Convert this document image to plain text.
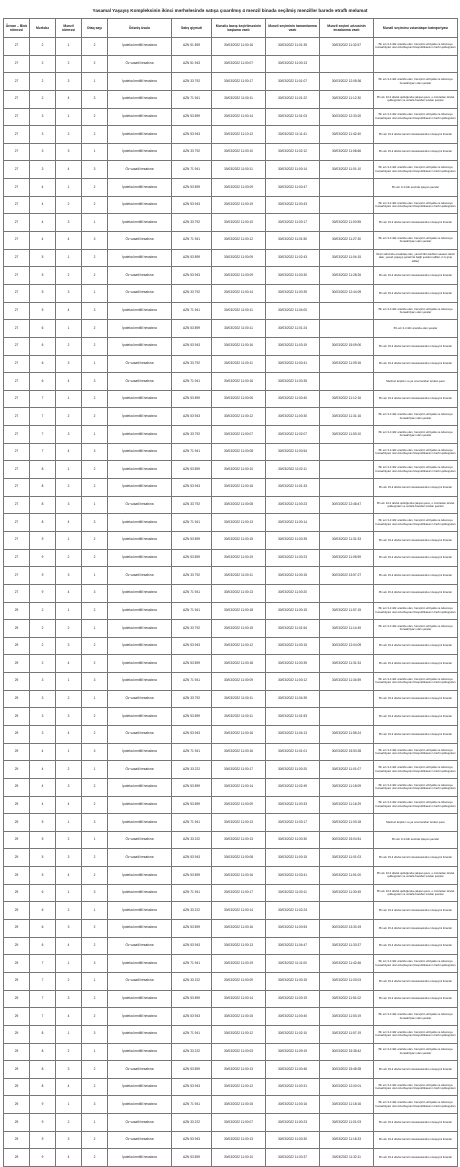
Yasamal Yaşayış Kompleksinin ikinci mərhələsində satışa çıxarılmış 4 mənzil binada seçilmiş mənzillər barədə ətraflı məlumat
Ünvan – Blok nömrəsi	Mərtəbə	Mənzil nömrəsi	Otaq sayı	Ödəniş üsulu	Satış qiyməti	Mənzilə baxış keçirilməsinin başlama vaxtı	Mənzil seçiminin tamamlanma vaxtı	Mənzil seçimi ərizəsinin imzalanma vaxtı	Mənzil seçiminə vətəndaşın kateqoriyası
27	2	1	2	İpoteka kreditli hesabına	AZN 51 899	30/03/2022 11:00:16	30/03/2022 11:01:39	30/03/2022 11:32:57	Ən azı 3-4 ildir ərazidə olan, həmçinin ehtiyatla və ödəməyə bunaəhtiyacı olan Azərbaycan Respublikasının hərbi qulluqçuları
27	2	2	2	Öz vəsaiti hesabına	AZN 51 943	30/03/2022 11:00:07	30/03/2022 11:00:13		
27	2	3	1	İpoteka kreditli hesabına	AZN 33 792	30/03/2022 11:00:17	30/03/2022 11:01:07	30/03/2022 12:08:36	Ən azı 3-4 ildir ərazidə olan, həmçinin ehtiyatla və ödəməyə bunaəhtiyacı olan şəxslər
27	2	4	3	İpoteka kreditli hesabına	AZN 71 941	30/03/2022 11:00:11	30/03/2022 11:01:22	30/03/2022 11:12:30	Ən azı 10-il dövlət qulluğunda çalışan şəxs, o cümlədən dövlət qulluqçuları və onlarla bərabər tutulan şəxslər
27	3	1	2	İpoteka kreditli hesabına	AZN 53 899	30/03/2022 11:00:14	30/03/2022 11:01:03	30/03/2022 12:33:20	Ən azı 3-4 ildir ərazidə olan, həmçinin ehtiyatla və ödəməyə bunaəhtiyacı olan Azərbaycan Respublikasının hərbi qulluqçuları
27	3	2	2	İpoteka kreditli hesabına	AZN 53 943	30/03/2022 11:10:12	30/03/2022 11:11:41	30/03/2022 11:42:40	Ən azı 15-il dövlət təmsil müəssisəsində mövqeyini itirənlər
27	3	3	1	İpoteka kreditli hesabına	AZN 33 792	30/03/2022 11:00:10	30/03/2022 11:02:12	30/03/2022 11:06:66	Ən azı 15-il dövlət təmsil müəssisəsində mövqeyini itirənlər
27	3	4	3	Öz vəsaiti hesabına	AZN 71 941	30/03/2022 11:00:11	30/03/2022 11:00:14	30/03/2022 11:01:10	Ən azı 3-4 ildir ərazidə olan, həmçinin ehtiyatla və ödəməyə bunaəhtiyacı olan Azərbaycan Respublikasının hərbi qulluqçuları
27	4	1	2	İpoteka kreditli hesabına	AZN 53 899	30/03/2022 11:00:09	30/03/2022 11:00:47		Ən azı 3-4 ildir ərazidə işləyən şəxslər
27	4	2	2	İpoteka kreditli hesabına	AZN 53 943	30/03/2022 11:00:19	30/03/2022 11:00:43		Ən azı 3-4 ildir ərazidə olan, həmçinin ehtiyatla və ödəməyə bunaəhtiyacı olan Azərbaycan Respublikasının hərbi qulluqçuları
27	4	3	1	İpoteka kreditli hesabına	AZN 33 792	30/03/2022 11:00:10	30/03/2022 11:00:17	30/03/2022 11:00:55	Ən azı 15-il dövlət təmsil müəssisəsində mövqeyini itirənlər
27	4	4	3	Öz vəsaiti hesabına	AZN 71 941	30/03/2022 11:00:12	30/03/2022 11:01:50	30/03/2022 11:27:30	Ən azı 3-4 ildir ərazidə olan, həmçinin ehtiyatla və ödəməyə bunaəhtiyacı olan şəxslər
27	5	1	2	İpoteka kreditli hesabına	AZN 53 899	30/03/2022 11:00:09	30/03/2022 11:02:43	30/03/2022 11:04:15	İkinci səhvində əməkdaş olan, yaxud ilkin kadrları əsasən təhsil alan, yaxud yaşayış şəraiti ilə bağlı şəxslər (əlillər, 2-ci qrup əlillər)
27	5	2	2	Öz vəsaiti hesabına	AZN 53 943	30/03/2022 11:00:09	30/03/2022 11:00:30	30/03/2022 11:28:26	Ən azı 15-il dövlət təmsil müəssisəsində mövqeyini itirənlər
27	5	3	1	Öz vəsaiti hesabına	AZN 33 792	30/03/2022 11:00:14	30/03/2022 11:00:39	30/03/2022 12:44:09	Ən azı 15-il dövlət təmsil müəssisəsində mövqeyini itirənlər
27	5	4	3	İpoteka kreditli hesabına	AZN 71 941	30/03/2022 11:00:11	30/03/2022 11:04:00		Ən azı 3-4 ildir ərazidə olan, həmçinin ehtiyatla və ödəməyə bunaəhtiyacı olan şəxslər
27	6	1	2	İpoteka kreditli hesabına	AZN 53 899	30/03/2022 11:00:11	30/03/2022 11:01:24		Ən azı 3-4 ildir ərazidə olan şəxslər
27	6	2	2	İpoteka kreditli hesabına	AZN 53 943	30/03/2022 11:00:16	30/03/2022 11:03:19	30/03/2022 15:09:00	Ən azı 15-il dövlət təmsil müəssisəsində mövqeyini itirənlər
27	6	3	1	Öz vəsaiti hesabına	AZN 33 792	30/03/2022 11:00:11	30/03/2022 11:00:41	30/03/2022 11:09:16	Ən azı 15-il dövlət təmsil müəssisəsində mövqeyini itirənlər
27	6	4	3	Öz vəsaiti hesabına	AZN 71 941	30/03/2022 11:00:16	30/03/2022 11:00:35		Məcburi köçkün və ya ona bərabər tutulan şəxs
27	7	1	2	İpoteka kreditli hesabına	AZN 53 899	30/03/2022 11:00:06	30/03/2022 11:00:40	30/03/2022 11:12:16	Ən azı 15-il dövlət təmsil müəssisəsində mövqeyini itirənlər
27	7	2	2	İpoteka kreditli hesabına	AZN 53 943	30/03/2022 11:00:12	30/03/2022 11:00:30	30/03/2022 11:31:16	Ən azı 3-4 ildir ərazidə olan, həmçinin ehtiyatla və ödəməyə bunaəhtiyacı olan şəxslər
27	7	3	1	İpoteka kreditli hesabına	AZN 33 792	30/03/2022 11:00:07	30/03/2022 11:02:07	30/03/2022 11:53:10	Ən azı 3-4 ildir ərazidə olan, həmçinin ehtiyatla və ödəməyə bunaəhtiyacı olan şəxslər
27	7	4	3	İpoteka kreditli hesabına	AZN 71 941	30/03/2022 11:00:08	30/03/2022 11:00:54		Ən azı 3-4 ildir ərazidə olan, həmçinin ehtiyatla və ödəməyə bunaəhtiyacı olan Azərbaycan Respublikasının hərbi qulluqçuları
27	8	1	2	İpoteka kreditli hesabına	AZN 53 899	30/03/2022 11:00:10	30/03/2022 11:02:11		Ən azı 3-4 ildir ərazidə olan, həmçinin ehtiyatla və ödəməyə bunaəhtiyacı olan Azərbaycan Respublikasının hərbi qulluqçuları
27	8	2	2	İpoteka kreditli hesabına	AZN 53 943	30/03/2022 11:00:16	30/03/2022 11:01:33		Ən azı 15-il dövlət təmsil müəssisəsində mövqeyini itirənlər
27	8	3	1	Öz vəsaiti hesabına	AZN 33 792	30/03/2022 11:00:08	30/03/2022 11:00:23	30/03/2022 12:48:47	Ən azı 10-il dövlət qulluğunda çalışan şəxs, o cümlədən dövlət qulluqçuları və onlarla bərabər tutulan şəxslər
27	8	4	3	İpoteka kreditli hesabına	AZN 71 941	30/03/2022 11:00:13	30/03/2022 11:00:14		Ən azı 3-4 ildir ərazidə olan, həmçinin ehtiyatla və ödəməyə bunaəhtiyacı olan Azərbaycan Respublikasının hərbi qulluqçuları
27	9	1	2	İpoteka kreditli hesabına	AZN 53 899	30/03/2022 11:00:15	30/03/2022 11:00:39	30/03/2022 11:31:33	Ən azı 15-il dövlət təmsil müəssisəsində mövqeyini itirənlər
27	9	2	2	İpoteka kreditli hesabına	AZN 53 899	30/03/2022 11:00:19	30/03/2022 11:00:23	30/03/2022 11:06:59	Ən azı 15-il dövlət təmsil müəssisəsində mövqeyini itirənlər
27	9	3	1	Öz vəsaiti hesabına	AZN 33 792	30/03/2022 11:00:11	30/03/2022 11:00:15	30/03/2022 13:57:27	Ən azı 15-il dövlət təmsil müəssisəsində mövqeyini itirənlər
27	9	4	3	İpoteka kreditli hesabına	AZN 71 941	30/03/2022 11:00:13	30/03/2022 11:00:20		Ən azı 15-il dövlət təmsil müəssisəsində mövqeyini itirənlər
29	2	1	2	İpoteka kreditli hesabına	AZN 71 941	30/03/2022 11:00:18	30/03/2022 11:00:15	30/03/2022 11:57:15	Ən azı 3-4 ildir ərazidə olan, həmçinin ehtiyatla və ödəməyə bunaəhtiyacı olan Azərbaycan Respublikasının hərbi qulluqçuları
29	2	2	1	İpoteka kreditli hesabına	AZN 33 792	30/03/2022 11:00:15	30/03/2022 11:01:54	30/03/2022 11:14:49	Ən azı 3-4 ildir ərazidə olan, həmçinin ehtiyatla və ödəməyə bunaəhtiyacı olan şəxslər
29	2	3	2	İpoteka kreditli hesabına	AZN 53 943	30/03/2022 11:00:12	30/03/2022 11:00:15	30/03/2022 12:04:09	Ən azı 15-il dövlət təmsil müəssisəsində mövqeyini itirənlər
29	2	4	2	İpoteka kreditli hesabına	AZN 53 899	30/03/2022 11:00:18	30/03/2022 11:00:39	30/03/2022 11:31:34	Ən azı 15-il dövlət təmsil müəssisəsində mövqeyini itirənlər
29	3	1	3	İpoteka kreditli hesabına	AZN 71 941	30/03/2022 11:00:09	30/03/2022 11:00:12	30/03/2022 11:34:59	Ən azı 3-4 ildir ərazidə olan, həmçinin ehtiyatla və ödəməyə bunaəhtiyacı olan Azərbaycan Respublikasının hərbi qulluqçuları
29	3	2	1	Öz vəsaiti hesabına	AZN 33 792	30/03/2022 11:00:11	30/03/2022 11:04:39		Ən azı 15-il dövlət təmsil müəssisəsində mövqeyini itirənlər
29	3	3	2	İpoteka kreditli hesabına	AZN 53 899	30/03/2022 11:00:11	30/03/2022 11:01:53		Ən azı 15-il dövlət təmsil müəssisəsində mövqeyini itirənlər
29	3	4	2	Öz vəsaiti hesabına	AZN 53 943	30/03/2022 11:00:16	30/03/2022 11:04:13	30/03/2022 11:55:24	Ən azı 15-il dövlət təmsil müəssisəsində mövqeyini itirənlər
29	4	1	3	İpoteka kreditli hesabına	AZN 71 941	30/03/2022 11:00:16	30/03/2022 11:01:01	30/03/2022 15:53:35	Ən azı 3-4 ildir ərazidə olan, həmçinin ehtiyatla və ödəməyə bunaəhtiyacı olan Azərbaycan Respublikasının hərbi qulluqçuları
29	4	2	1	Öz vəsaiti hesabına	AZN 33 222	30/03/2022 11:00:17	30/03/2022 11:00:20	30/03/2022 11:01:07	Ən azı 3-4 ildir ərazidə olan, həmçinin ehtiyatla və ödəməyə bunaəhtiyacı olan Azərbaycan Respublikasının hərbi qulluqçuları
29	4	3	2	İpoteka kreditli hesabına	AZN 53 899	30/03/2022 11:00:14	30/03/2022 11:02:49	30/03/2022 11:18:09	Ən azı 3-4 ildir ərazidə olan, həmçinin ehtiyatla və ödəməyə bunaəhtiyacı olan Azərbaycan Respublikasının hərbi qulluqçuları
29	4	4	2	İpoteka kreditli hesabına	AZN 53 899	30/03/2022 11:00:09	30/03/2022 11:00:33	30/03/2022 11:16:29	Ən azı 3-4 ildir ərazidə olan, həmçinin ehtiyatla və ödəməyə bunaəhtiyacı olan Azərbaycan Respublikasının hərbi qulluqçuları
29	5	1	3	İpoteka kreditli hesabına	AZN 71 941	30/03/2022 11:00:13	30/03/2022 11:03:17	30/03/2022 11:03:18	Məcburi köçkün və ya ona bərabər tutulan şəxs
29	5	2	1	Öz vəsaiti hesabına	AZN 33 222	30/03/2022 11:00:13	30/03/2022 11:00:30	30/03/2022 15:04:51	Ən azı 3-4 ildir ərazidə işləyən şəxslər
29	5	3	2	Öz vəsaiti hesabına	AZN 53 943	30/03/2022 11:00:08	30/03/2022 11:00:15	30/03/2022 11:01:03	Ən azı 15-il dövlət təmsil müəssisəsində mövqeyini itirənlər
29	5	4	2	İpoteka kreditli hesabına	AZN 53 899	30/03/2022 11:00:16	30/03/2022 11:03:41	30/03/2022 11:51:00	Ən azı 10-il dövlət qulluğunda çalışan şəxs, o cümlədən dövlət qulluqçuları və onlarla bərabər tutulan şəxslər
29	6	1	3	İpoteka kreditli hesabına	AZN 71 941	30/03/2022 11:00:17	30/03/2022 11:00:11	30/03/2022 11:30:49	Ən azı 10-il dövlət qulluğunda çalışan şəxs, o cümlədən dövlət qulluqçuları və onlarla bərabər tutulan şəxslər
29	6	2	1	İpoteka kreditli hesabına	AZN 33 222	30/03/2022 11:00:14	30/03/2022 11:02:24		Ən azı 15-il dövlət təmsil müəssisəsində mövqeyini itirənlər
29	6	3	2	İpoteka kreditli hesabına	AZN 53 899	30/03/2022 11:00:16	30/03/2022 11:00:53	30/03/2022 13:30:19	Ən azı 15-il dövlət təmsil müəssisəsində mövqeyini itirənlər
29	6	4	2	Öz vəsaiti hesabına	AZN 53 943	30/03/2022 11:00:13	30/03/2022 11:04:47	30/03/2022 11:33:37	Ən azı 15-il dövlət təmsil müəssisəsində mövqeyini itirənlər
29	7	1	3	İpoteka kreditli hesabına	AZN 71 941	30/03/2022 11:00:19	30/03/2022 11:11:00	30/03/2022 11:42:46	Ən azı 3-4 ildir ərazidə olan, həmçinin ehtiyatla və ödəməyə bunaəhtiyacı olan Azərbaycan Respublikasının hərbi qulluqçuları
29	7	2	1	Öz vəsaiti hesabına	AZN 33 222	30/03/2022 11:00:09	30/03/2022 11:00:15	30/03/2022 11:03:03	Ən azı 15-il dövlət təmsil müəssisəsində mövqeyini itirənlər
29	7	3	2	İpoteka kreditli hesabına	AZN 53 899	30/03/2022 11:00:14	30/03/2022 11:00:19	30/03/2022 11:51:02	Ən azı 15-il dövlət təmsil müəssisəsində mövqeyini itirənlər
29	7	4	2	İpoteka kreditli hesabına	AZN 53 943	30/03/2022 11:00:15	30/03/2022 11:00:40	30/03/2022 11:53:19	Ən azı 3-4 ildir ərazidə olan, həmçinin ehtiyatla və ödəməyə bunaəhtiyacı olan şəxslər
29	8	1	3	İpoteka kreditli hesabına	AZN 71 941	30/03/2022 11:00:12	30/03/2022 11:02:10	30/03/2022 11:57:19	Ən azı 3-4 ildir ərazidə olan, həmçinin ehtiyatla və ödəməyə bunaəhtiyacı olan Azərbaycan Respublikasının hərbi qulluqçuları
29	8	2	1	İpoteka kreditli hesabına	AZN 33 222	30/03/2022 11:00:03	30/03/2022 11:09:19	30/03/2022 15:38:42	Ən azı 3-4 ildir ərazidə olan, həmçinin ehtiyatla və ödəməyə bunaəhtiyacı olan şəxslər
29	8	3	2	Öz vəsaiti hesabına	AZN 53 899	30/03/2022 11:00:13	30/03/2022 11:00:46	30/03/2022 15:48:35	Ən azı 15-il dövlət təmsil müəssisəsində mövqeyini itirənlər
29	8	4	2	İpoteka kreditli hesabına	AZN 53 943	30/03/2022 11:00:12	30/03/2022 11:00:31	30/03/2022 12:00:01	Ən azı 3-4 ildir ərazidə olan, həmçinin ehtiyatla və ödəməyə bunaəhtiyacı olan Azərbaycan Respublikasının hərbi qulluqçuları
29	9	1	3	İpoteka kreditli hesabına	AZN 71 941	30/03/2022 11:00:15	30/03/2022 11:00:16	30/03/2022 11:18:16	Ən azı 3-4 ildir ərazidə olan, həmçinin ehtiyatla və ödəməyə bunaəhtiyacı olan Azərbaycan Respublikasının hərbi qulluqçuları
29	9	2	1	Öz vəsaiti hesabına	AZN 33 222	30/03/2022 11:00:07	30/03/2022 11:00:23	30/03/2022 11:01:03	Ən azı 15-il dövlət təmsil müəssisəsində mövqeyini itirənlər
29	9	3	2	Öz vəsaiti hesabına	AZN 53 943	30/03/2022 11:00:13	30/03/2022 11:00:30	30/03/2022 11:16:33	Ən azı 15-il dövlət təmsil müəssisəsində mövqeyini itirənlər
29	9	4	2	İpoteka kreditli hesabına	AZN 53 899	30/03/2022 11:00:10	30/03/2022 11:00:37	30/03/2022 11:32:11	Ən azı 15-il dövlət təmsil müəssisəsində mövqeyini itirənlər
